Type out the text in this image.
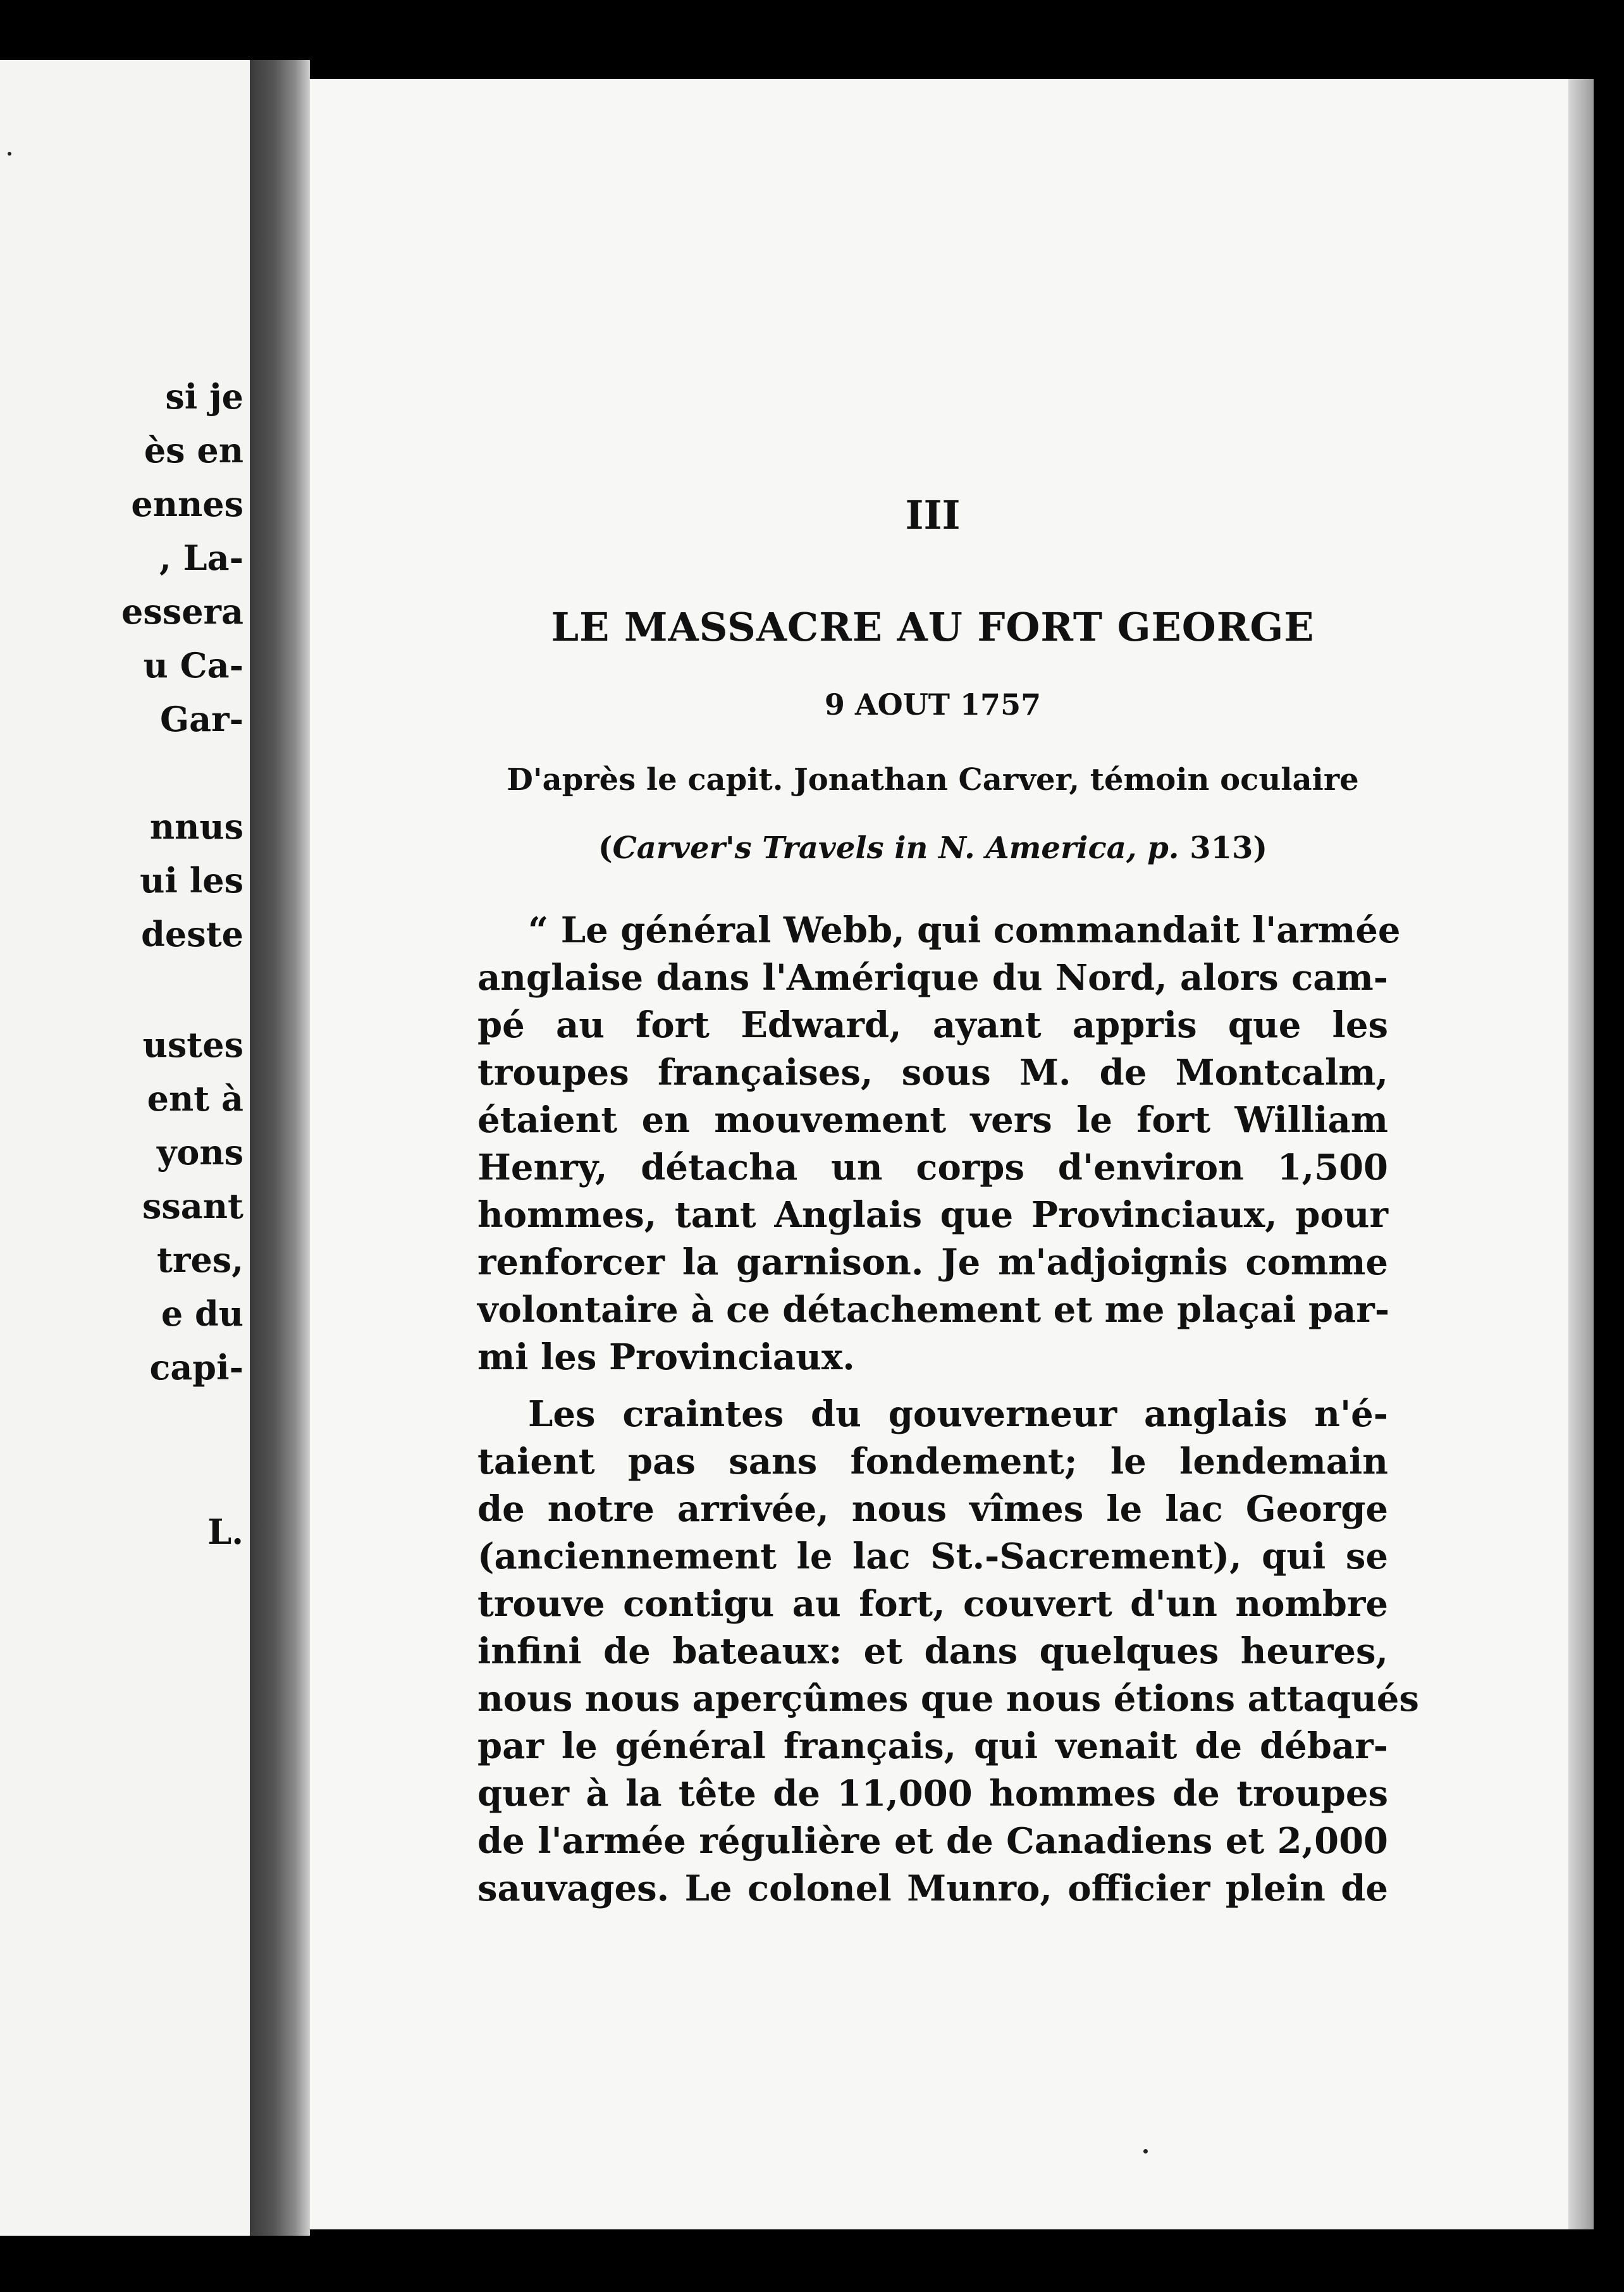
si je
ès en
ennes
, La-
essera
u Ca-
Gar-
nnus
ui les
deste
ustes
ent à
yons
ssant
tres,
e du
capi-
L.
III
LE MASSACRE AU FORT GEORGE
9 AOUT 1757
D'après le capit. Jonathan Carver, témoin oculaire
(Carver's Travels in N. America, p. 313)
“ Le général Webb, qui commandait l'armée
anglaise dans l'Amérique du Nord, alors cam-
pé au fort Edward, ayant appris que les
troupes françaises, sous M. de Montcalm,
étaient en mouvement vers le fort William
Henry, détacha un corps d'environ 1,500
hommes, tant Anglais que Provinciaux, pour
renforcer la garnison. Je m'adjoignis comme
volontaire à ce détachement et me plaçai par-
mi les Provinciaux.
Les craintes du gouverneur anglais n'é-
taient pas sans fondement; le lendemain
de notre arrivée, nous vîmes le lac George
(anciennement le lac St.-Sacrement), qui se
trouve contigu au fort, couvert d'un nombre
infini de bateaux: et dans quelques heures,
nous nous aperçûmes que nous étions attaqués
par le général français, qui venait de débar-
quer à la tête de 11,000 hommes de troupes
de l'armée régulière et de Canadiens et 2,000
sauvages. Le colonel Munro, officier plein de
